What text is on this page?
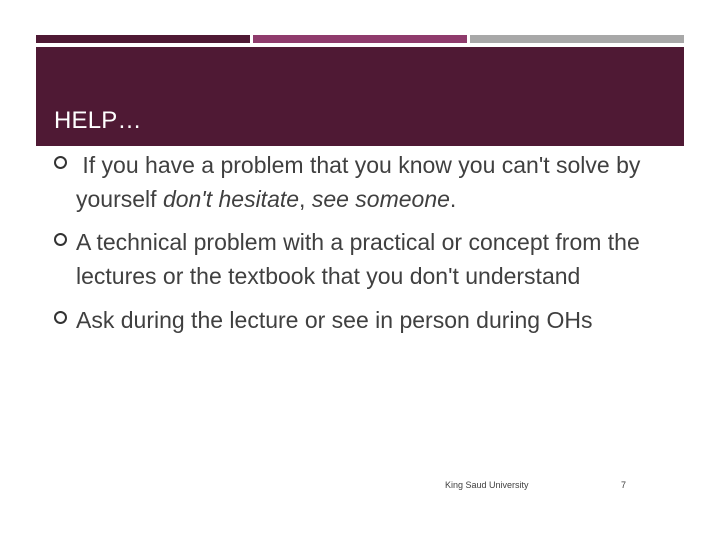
HELP…
If you have a problem that you know you can't solve by yourself don't hesitate, see someone.
A technical problem with a practical or concept from the lectures or the textbook that you don't understand
Ask during the lecture or see in person during OHs
King Saud University	7
